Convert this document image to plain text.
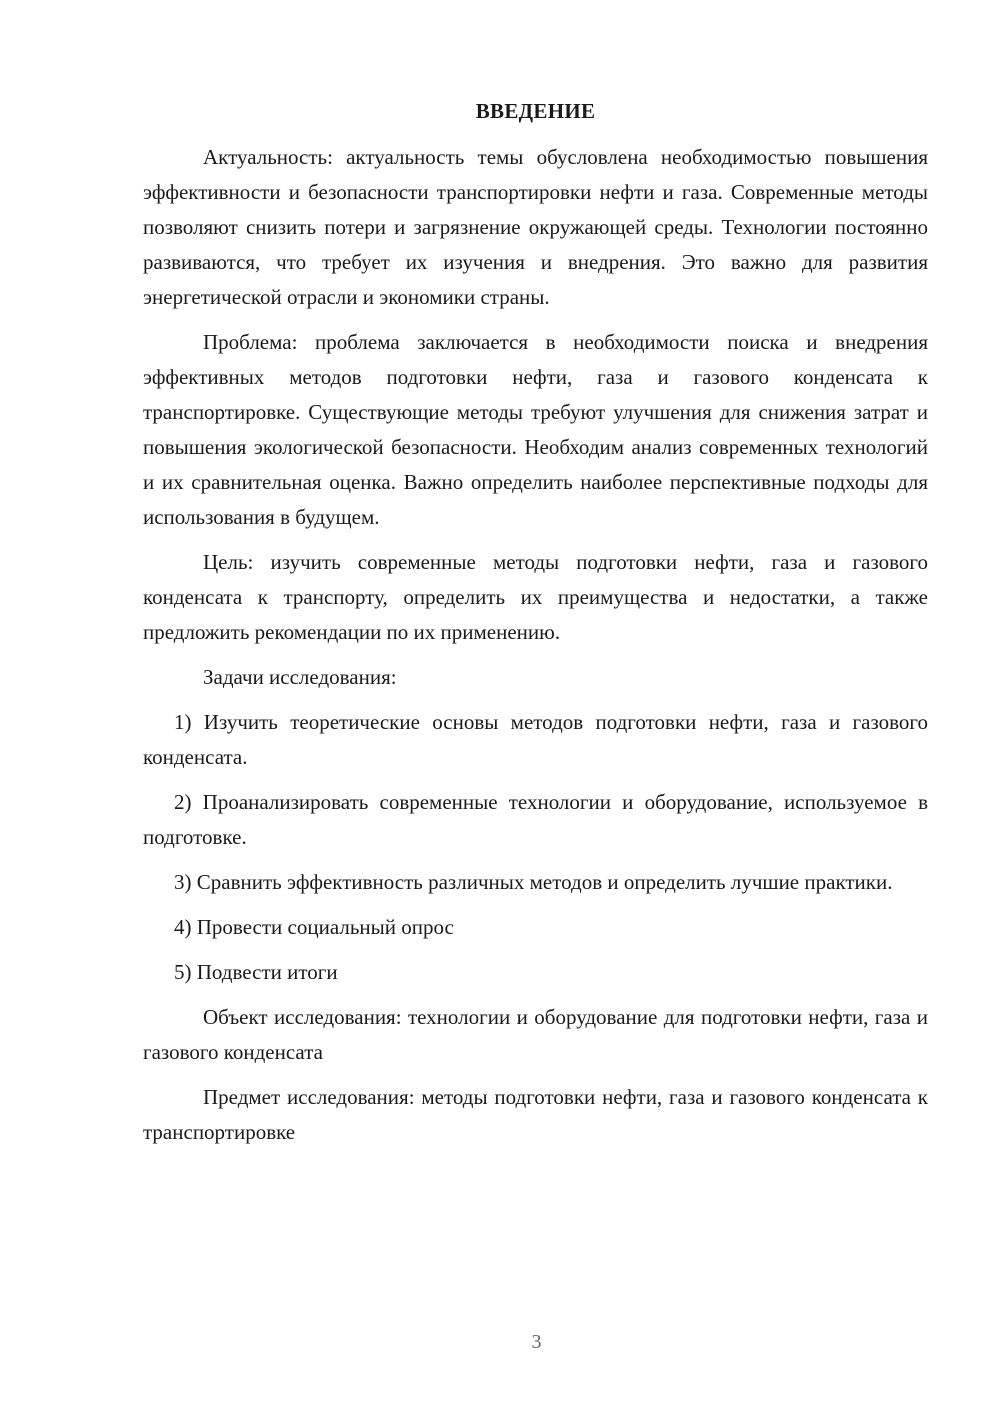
ВВЕДЕНИЕ

Актуальность: актуальность темы обусловлена необходимостью повышения эффективности и безопасности транспортировки нефти и газа. Современные методы позволяют снизить потери и загрязнение окружающей среды. Технологии постоянно развиваются, что требует их изучения и внедрения. Это важно для развития энергетической отрасли и экономики страны.

Проблема: проблема заключается в необходимости поиска и внедрения эффективных методов подготовки нефти, газа и газового конденсата к транспортировке. Существующие методы требуют улучшения для снижения затрат и повышения экологической безопасности. Необходим анализ современных технологий и их сравнительная оценка. Важно определить наиболее перспективные подходы для использования в будущем.

Цель: изучить современные методы подготовки нефти, газа и газового конденсата к транспорту, определить их преимущества и недостатки, а также предложить рекомендации по их применению.

Задачи исследования:

1) Изучить теоретические основы методов подготовки нефти, газа и газового конденсата.

2) Проанализировать современные технологии и оборудование, используемое в подготовке.

3) Сравнить эффективность различных методов и определить лучшие практики.

4) Провести социальный опрос

5) Подвести итоги

Объект исследования: технологии и оборудование для подготовки нефти, газа и газового конденсата

Предмет исследования: методы подготовки нефти, газа и газового конденсата к транспортировке

3
